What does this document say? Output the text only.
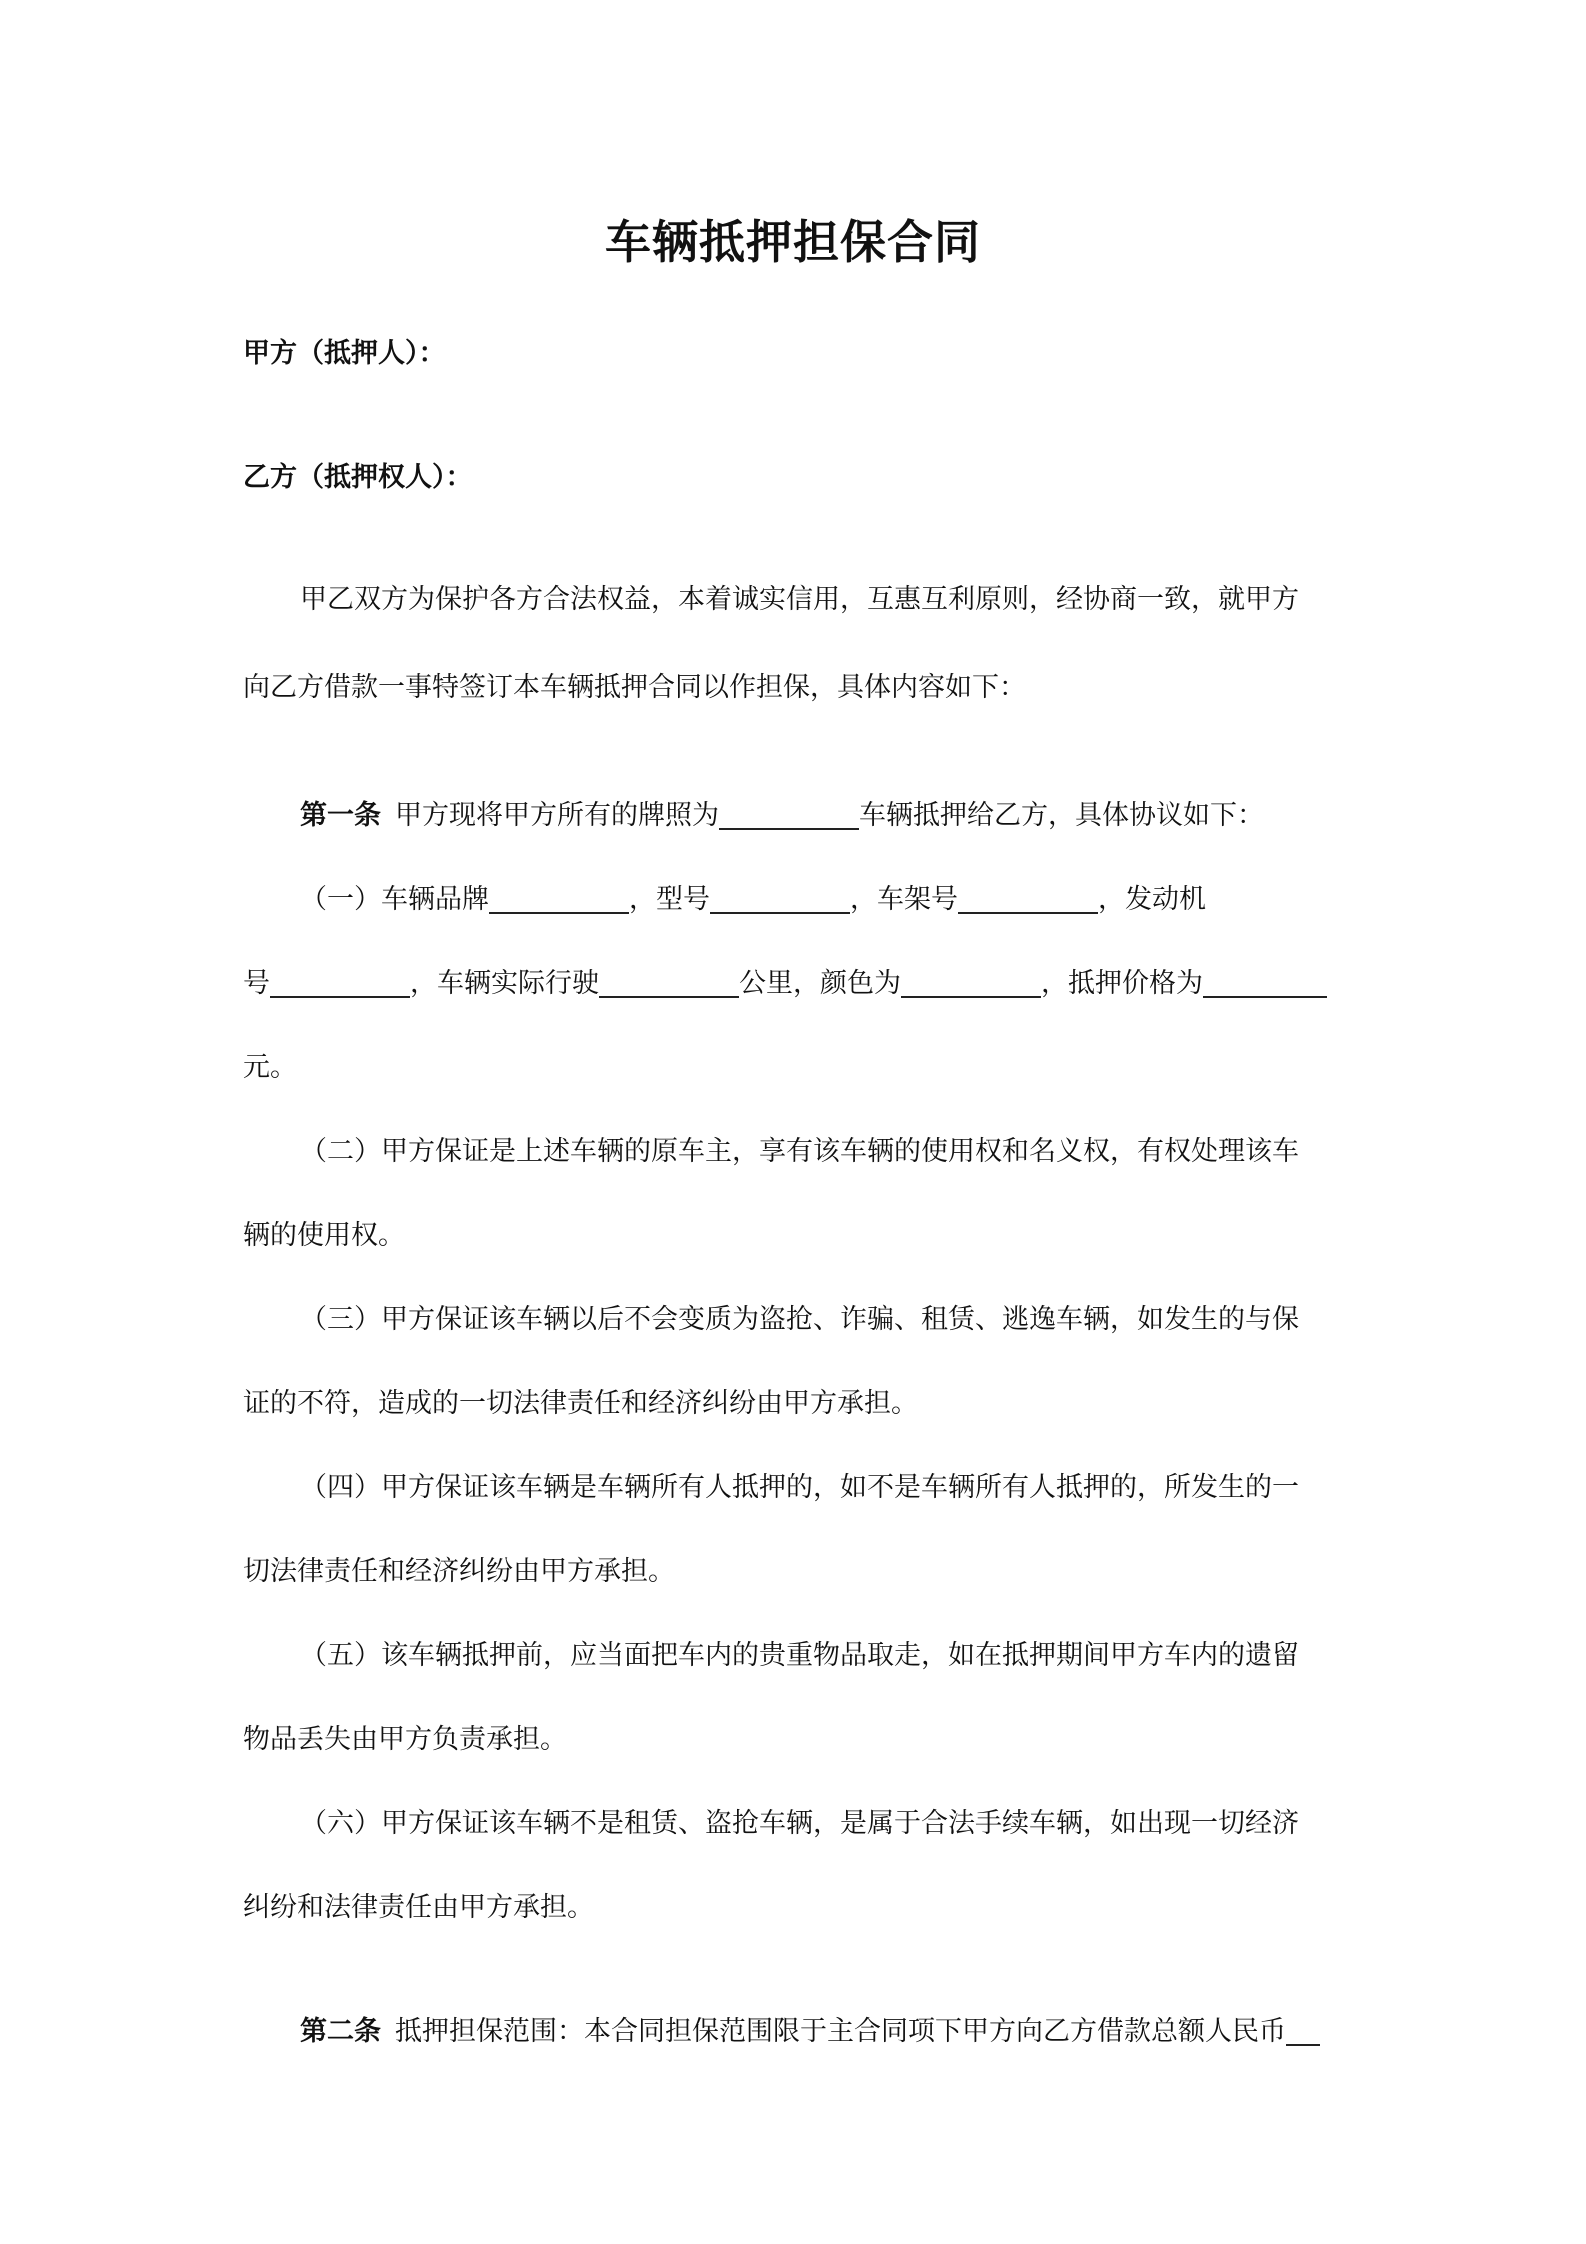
车辆抵押担保合同
甲方（抵押人）：
乙方（抵押权人）：
甲乙双方为保护各方合法权益，本着诚实信用，互惠互利原则，经协商一致，就甲方
向乙方借款一事特签订本车辆抵押合同以作担保，具体内容如下：
第一条 甲方现将甲方所有的牌照为	车辆抵押给乙方，具体协议如下：
（一）车辆品牌	，型号	，车架号	，发动机
号	，车辆实际行驶	公里，颜色为	，抵押价格为
元。
（二）甲方保证是上述车辆的原车主，享有该车辆的使用权和名义权，有权处理该车
辆的使用权。
（三）甲方保证该车辆以后不会变质为盗抢、诈骗、租赁、逃逸车辆，如发生的与保
证的不符，造成的一切法律责任和经济纠纷由甲方承担。
（四）甲方保证该车辆是车辆所有人抵押的，如不是车辆所有人抵押的，所发生的一
切法律责任和经济纠纷由甲方承担。
（五）该车辆抵押前，应当面把车内的贵重物品取走，如在抵押期间甲方车内的遗留
物品丢失由甲方负责承担。
（六）甲方保证该车辆不是租赁、盗抢车辆，是属于合法手续车辆，如出现一切经济
纠纷和法律责任由甲方承担。
第二条 抵押担保范围：本合同担保范围限于主合同项下甲方向乙方借款总额人民币
